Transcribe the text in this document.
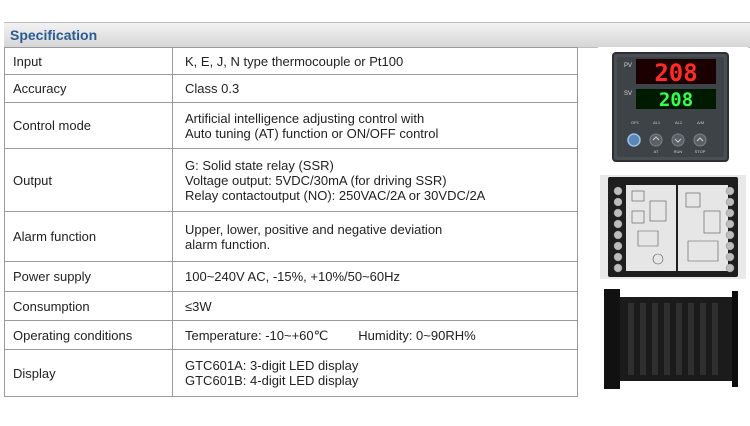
Specification
Input	K, E, J, N type thermocouple or Pt100

Accuracy	Class 0.3

Control mode	Artificial intelligence adjusting control with
Auto tuning (AT) function or ON/OFF control

Output	G: Solid state relay (SSR)
Voltage output: 5VDC/30mA (for driving SSR)
Relay contactoutput (NO): 250VAC/2A or 30VDC/2A

Alarm function	Upper, lower, positive and negative deviation
alarm function.

Power supply	100~240V AC, -15%, +10%/50~60Hz

Consumption	≤3W

Operating conditions	Temperature: -10~+60℃ Humidity: 0~90RH%
Display	GTC601A: 3-digit LED display
GTC601B: 4-digit LED display
PV 208
SV 208
OP1	AL1	AL2	A/M
AT	RUN	STOP
